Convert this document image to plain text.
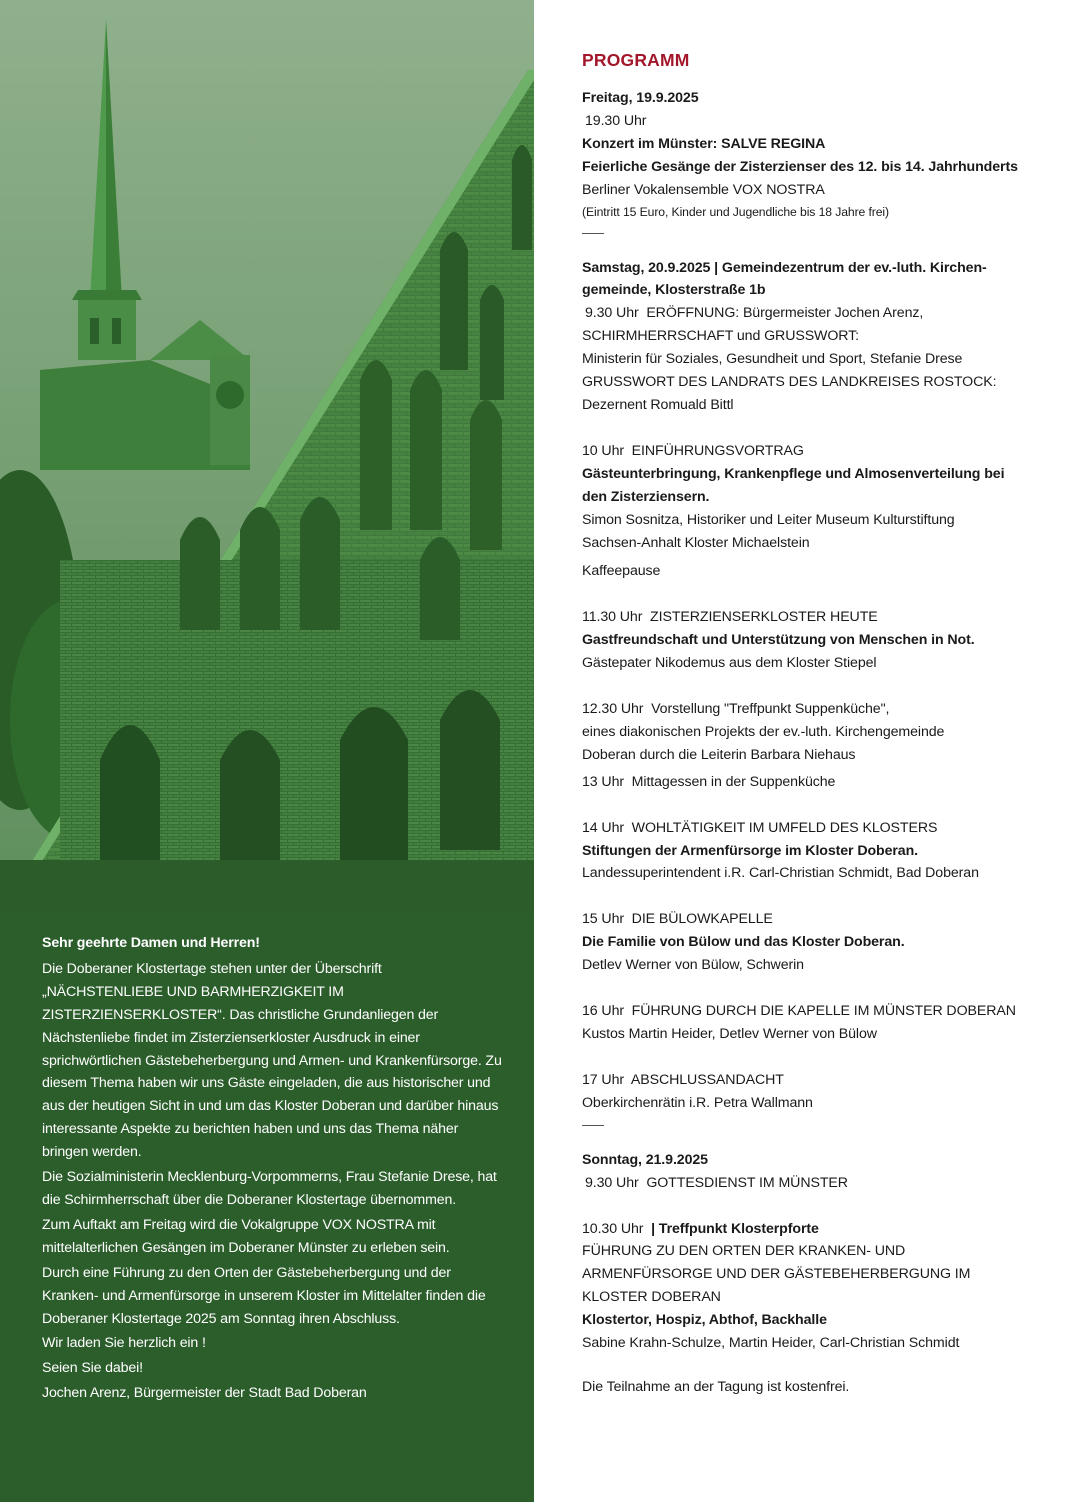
Sehr geehrte Damen und Herren!

Die Doberaner Klostertage stehen unter der Überschrift „NÄCHSTENLIEBE UND BARMHERZIGKEIT IM ZISTERZIENSERKLOSTER“. Das christliche Grundanliegen der Nächstenliebe findet im Zisterzienserkloster Ausdruck in einer sprichwörtlichen Gästebeherbergung und Armen- und Krankenfürsorge. Zu diesem Thema haben wir uns Gäste eingeladen, die aus historischer und aus der heutigen Sicht in und um das Kloster Doberan und darüber hinaus interessante Aspekte zu berichten haben und uns das Thema näher bringen werden.

Die Sozialministerin Mecklenburg-Vorpommerns, Frau Stefanie Drese, hat die Schirmherrschaft über die Doberaner Klostertage übernommen.

Zum Auftakt am Freitag wird die Vokalgruppe VOX NOSTRA mit mittelalterlichen Gesängen im Doberaner Münster zu erleben sein.

Durch eine Führung zu den Orten der Gästebeherbergung und der Kranken- und Armenfürsorge in unserem Kloster im Mittelalter finden die Doberaner Klostertage 2025 am Sonntag ihren Abschluss.

Wir laden Sie herzlich ein !

Seien Sie dabei!

Jochen Arenz, Bürgermeister der Stadt Bad Doberan

PROGRAMM
Freitag, 19.9.2025
19.30 Uhr
Konzert im Münster: SALVE REGINA
Feierliche Gesänge der Zisterzienser des 12. bis 14. Jahrhunderts
Berliner Vokalensemble VOX NOSTRA
(Eintritt 15 Euro, Kinder und Jugendliche bis 18 Jahre frei)
Samstag, 20.9.2025 | Gemeindezentrum der ev.-luth. Kirchen-
gemeinde, Klosterstraße 1b
9.30 Uhr ERÖFFNUNG: Bürgermeister Jochen Arenz,
SCHIRMHERRSCHAFT und GRUSSWORT:
Ministerin für Soziales, Gesundheit und Sport, Stefanie Drese
GRUSSWORT DES LANDRATS DES LANDKREISES ROSTOCK:
Dezernent Romuald Bittl
10 Uhr EINFÜHRUNGSVORTRAG
Gästeunterbringung, Krankenpflege und Almosenverteilung bei
den Zisterziensern.
Simon Sosnitza, Historiker und Leiter Museum Kulturstiftung
Sachsen-Anhalt Kloster Michaelstein
Kaffeepause
11.30 Uhr ZISTERZIENSERKLOSTER HEUTE
Gastfreundschaft und Unterstützung von Menschen in Not.
Gästepater Nikodemus aus dem Kloster Stiepel
12.30 Uhr Vorstellung "Treffpunkt Suppenküche",
eines diakonischen Projekts der ev.-luth. Kirchengemeinde
Doberan durch die Leiterin Barbara Niehaus
13 Uhr Mittagessen in der Suppenküche
14 Uhr WOHLTÄTIGKEIT IM UMFELD DES KLOSTERS
Stiftungen der Armenfürsorge im Kloster Doberan.
Landessuperintendent i.R. Carl-Christian Schmidt, Bad Doberan
15 Uhr DIE BÜLOWKAPELLE
Die Familie von Bülow und das Kloster Doberan.
Detlev Werner von Bülow, Schwerin
16 Uhr FÜHRUNG DURCH DIE KAPELLE IM MÜNSTER DOBERAN
Kustos Martin Heider, Detlev Werner von Bülow
17 Uhr ABSCHLUSSANDACHT
Oberkirchenrätin i.R. Petra Wallmann
Sonntag, 21.9.2025
9.30 Uhr GOTTESDIENST IM MÜNSTER
10.30 Uhr | Treffpunkt Klosterpforte
FÜHRUNG ZU DEN ORTEN DER KRANKEN- UND
ARMENFÜRSORGE UND DER GÄSTEBEHERBERGUNG IM
KLOSTER DOBERAN
Klostertor, Hospiz, Abthof, Backhalle
Sabine Krahn-Schulze, Martin Heider, Carl-Christian Schmidt
Die Teilnahme an der Tagung ist kostenfrei.
